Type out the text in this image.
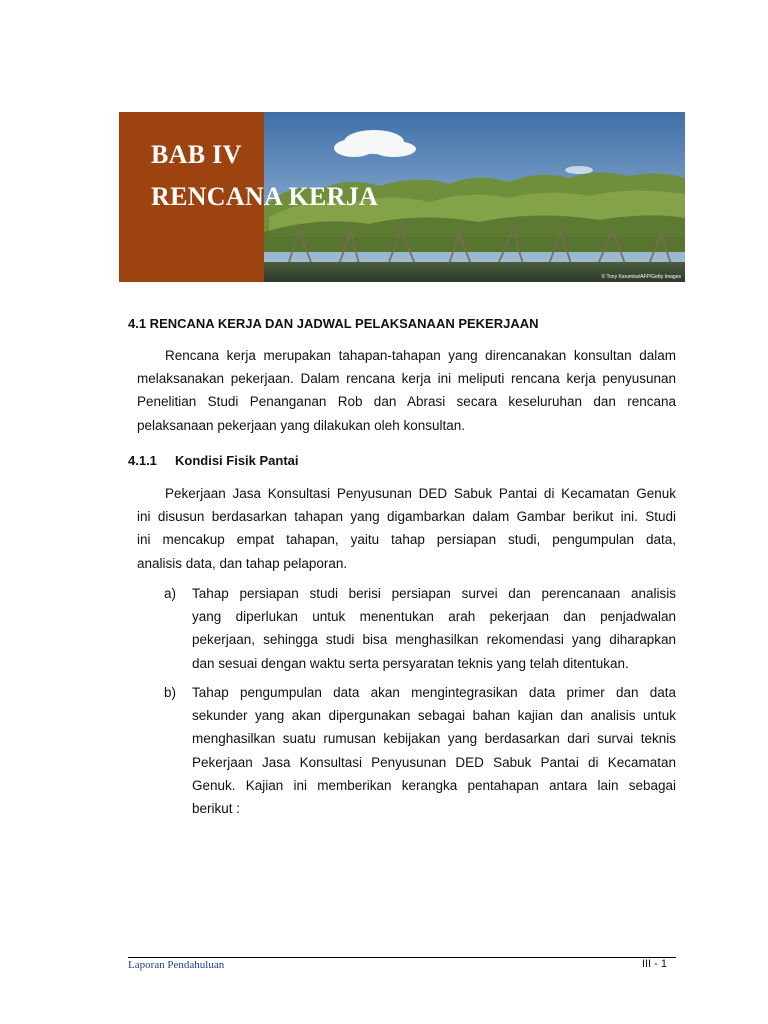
BAB IV
RENCANA KERJA
© Tony Karumba/AFP/Getty Images
4.1 RENCANA KERJA DAN JADWAL PELAKSANAAN PEKERJAAN
Rencana kerja merupakan tahapan-tahapan yang direncanakan konsultan dalam
melaksanakan pekerjaan. Dalam rencana kerja ini meliputi rencana kerja penyusunan
Penelitian Studi Penanganan Rob dan Abrasi secara keseluruhan dan rencana
pelaksanaan pekerjaan yang dilakukan oleh konsultan.
4.1.1 Kondisi Fisik Pantai
Pekerjaan Jasa Konsultasi Penyusunan DED Sabuk Pantai di Kecamatan Genuk
ini disusun berdasarkan tahapan yang digambarkan dalam Gambar berikut ini. Studi
ini mencakup empat tahapan, yaitu tahap persiapan studi, pengumpulan data,
analisis data, dan tahap pelaporan.
a) Tahap persiapan studi berisi persiapan survei dan perencanaan analisis
yang diperlukan untuk menentukan arah pekerjaan dan penjadwalan
pekerjaan, sehingga studi bisa menghasilkan rekomendasi yang diharapkan
dan sesuai dengan waktu serta persyaratan teknis yang telah ditentukan.
b) Tahap pengumpulan data akan mengintegrasikan data primer dan data
sekunder yang akan dipergunakan sebagai bahan kajian dan analisis untuk
menghasilkan suatu rumusan kebijakan yang berdasarkan dari survai teknis
Pekerjaan Jasa Konsultasi Penyusunan DED Sabuk Pantai di Kecamatan
Genuk. Kajian ini memberikan kerangka pentahapan antara lain sebagai
berikut :
Laporan Pendahuluan	III - 1
